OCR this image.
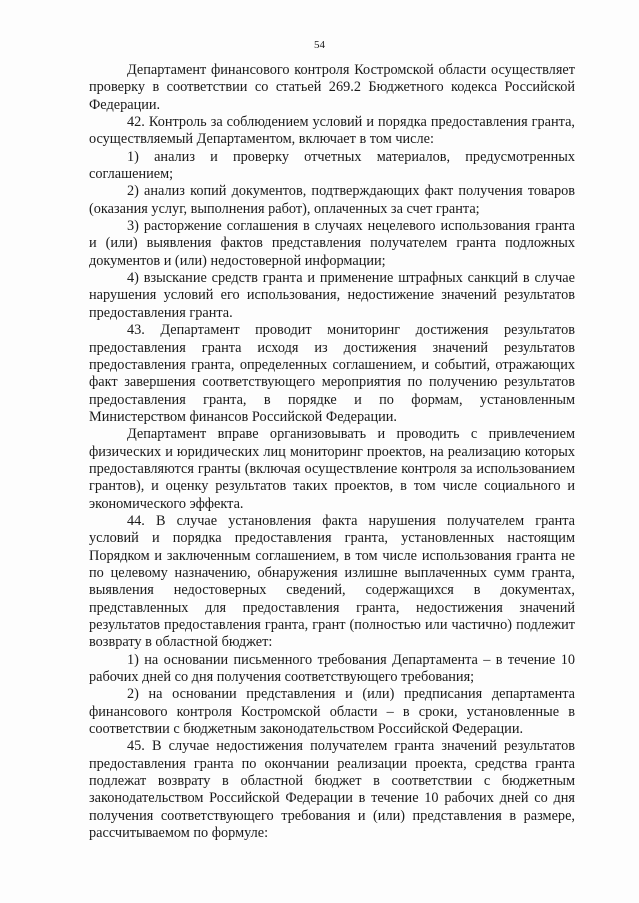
54

Департамент финансового контроля Костромской области осуществляет проверку в соответствии со статьей 269.2 Бюджетного кодекса Российской Федерации.

42. Контроль за соблюдением условий и порядка предоставления гранта, осуществляемый Департаментом, включает в том числе:

1) анализ и проверку отчетных материалов, предусмотренных соглашением;

2) анализ копий документов, подтверждающих факт получения товаров (оказания услуг, выполнения работ), оплаченных за счет гранта;

3) расторжение соглашения в случаях нецелевого использования гранта и (или) выявления фактов представления получателем гранта подложных документов и (или) недостоверной информации;

4) взыскание средств гранта и применение штрафных санкций в случае нарушения условий его использования, недостижение значений результатов предоставления гранта.

43. Департамент проводит мониторинг достижения результатов предоставления гранта исходя из достижения значений результатов предоставления гранта, определенных соглашением, и событий, отражающих факт завершения соответствующего мероприятия по получению результатов предоставления гранта, в порядке и по формам, установленным Министерством финансов Российской Федерации.

Департамент вправе организовывать и проводить с привлечением физических и юридических лиц мониторинг проектов, на реализацию которых предоставляются гранты (включая осуществление контроля за использованием грантов), и оценку результатов таких проектов, в том числе социального и экономического эффекта.

44. В случае установления факта нарушения получателем гранта условий и порядка предоставления гранта, установленных настоящим Порядком и заключенным соглашением, в том числе использования гранта не по целевому назначению, обнаружения излишне выплаченных сумм гранта, выявления недостоверных сведений, содержащихся в документах, представленных для предоставления гранта, недостижения значений результатов предоставления гранта, грант (полностью или частично) подлежит возврату в областной бюджет:

1) на основании письменного требования Департамента – в течение 10 рабочих дней со дня получения соответствующего требования;

2) на основании представления и (или) предписания департамента финансового контроля Костромской области – в сроки, установленные в соответствии с бюджетным законодательством Российской Федерации.

45. В случае недостижения получателем гранта значений результатов предоставления гранта по окончании реализации проекта, средства гранта подлежат возврату в областной бюджет в соответствии с бюджетным законодательством Российской Федерации в течение 10 рабочих дней со дня получения соответствующего требования и (или) представления в размере, рассчитываемом по формуле:
